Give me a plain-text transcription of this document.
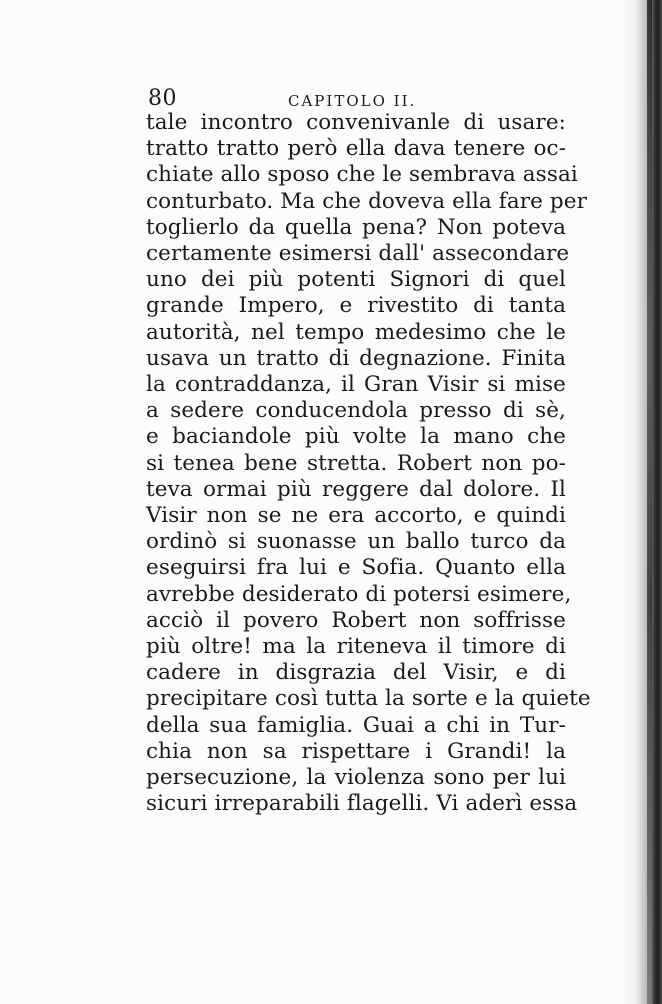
80	CAPITOLO II.
tale incontro convenivanle di usare:
tratto tratto però ella dava tenere oc-
chiate allo sposo che le sembrava assai
conturbato. Ma che doveva ella fare per
toglierlo da quella pena? Non poteva
certamente esimersi dall' assecondare
uno dei più potenti Signori di quel
grande Impero, e rivestito di tanta
autorità, nel tempo medesimo che le
usava un tratto di degnazione. Finita
la contraddanza, il Gran Visir si mise
a sedere conducendola presso di sè,
e baciandole più volte la mano che
si tenea bene stretta. Robert non po-
teva ormai più reggere dal dolore. Il
Visir non se ne era accorto, e quindi
ordinò si suonasse un ballo turco da
eseguirsi fra lui e Sofia. Quanto ella
avrebbe desiderato di potersi esimere,
acciò il povero Robert non soffrisse
più oltre! ma la riteneva il timore di
cadere in disgrazia del Visir, e di
precipitare così tutta la sorte e la quiete
della sua famiglia. Guai a chi in Tur-
chia non sa rispettare i Grandi! la
persecuzione, la violenza sono per lui
sicuri irreparabili flagelli. Vi aderì essa
